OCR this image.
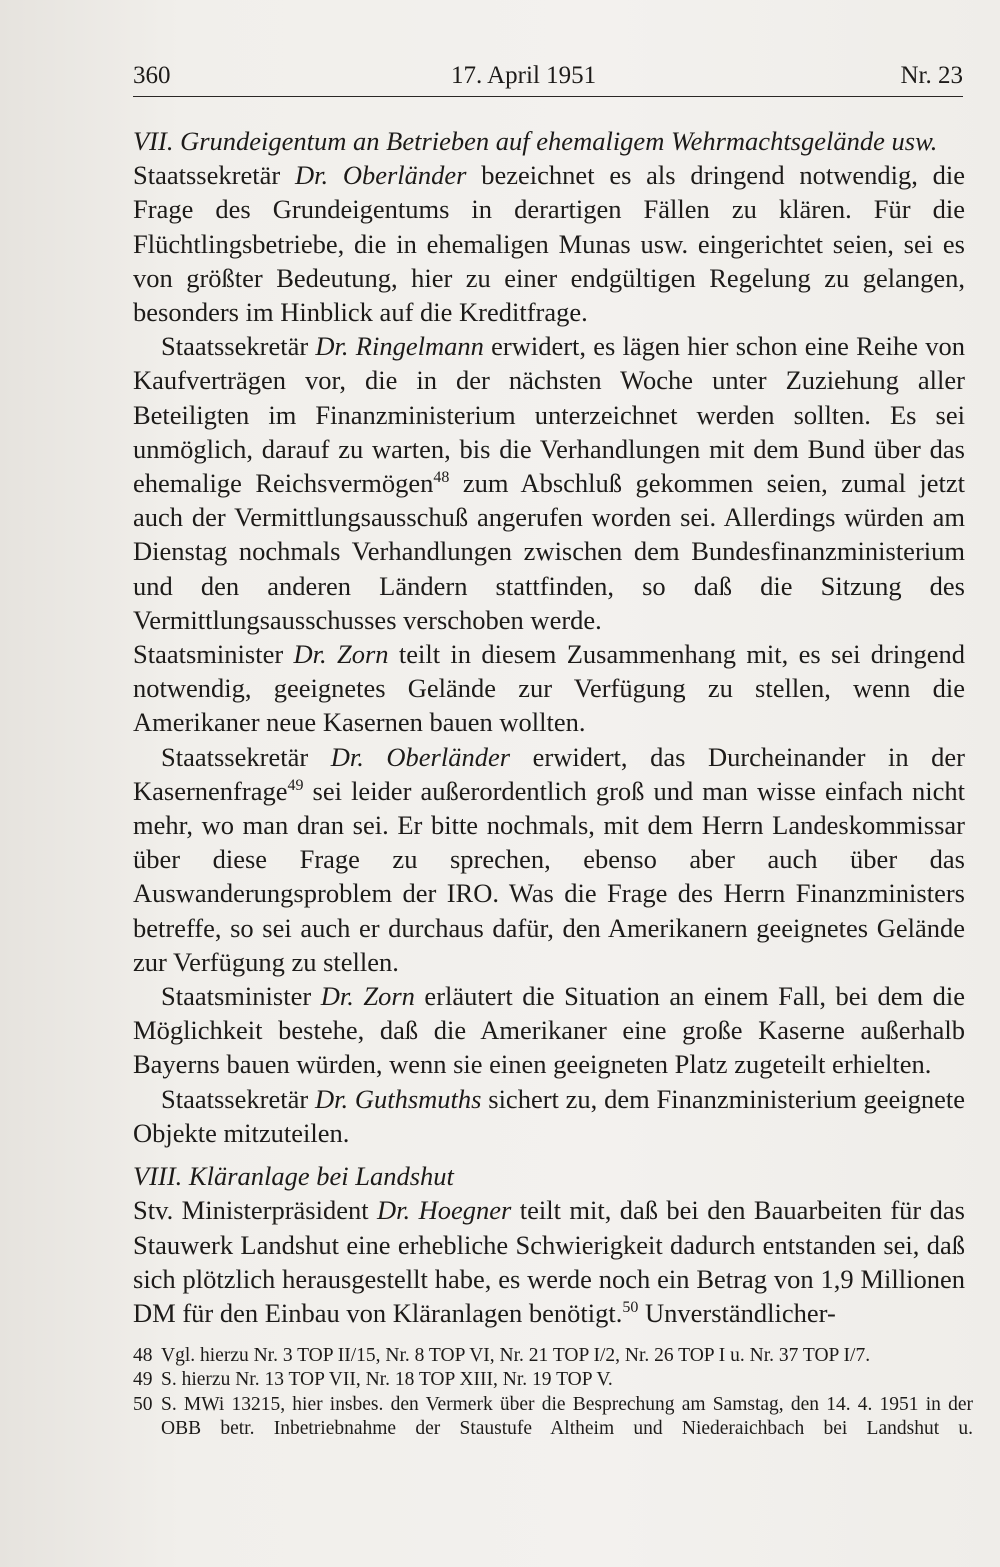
360	17. April 1951	Nr. 23

VII. Grundeigentum an Betrieben auf ehemaligem Wehrmachtsgelände usw.

Staatssekretär Dr. Oberländer bezeichnet es als dringend notwendig, die Frage des Grundeigentums in derartigen Fällen zu klären. Für die Flüchtlingsbetriebe, die in ehemaligen Munas usw. eingerichtet seien, sei es von größter Bedeutung, hier zu einer endgültigen Regelung zu gelangen, besonders im Hinblick auf die Kreditfrage.

Staatssekretär Dr. Ringelmann erwidert, es lägen hier schon eine Reihe von Kaufverträgen vor, die in der nächsten Woche unter Zuziehung aller Beteiligten im Finanzministerium unterzeichnet werden sollten. Es sei unmöglich, darauf zu warten, bis die Verhandlungen mit dem Bund über das ehemalige Reichsvermögen$^{48}$ zum Abschluß gekommen seien, zumal jetzt auch der Vermittlungsausschuß angerufen worden sei. Allerdings würden am Dienstag nochmals Verhandlungen zwischen dem Bundesfinanzministerium und den anderen Ländern stattfinden, so daß die Sitzung des Vermittlungsausschusses verschoben werde.

Staatsminister Dr. Zorn teilt in diesem Zusammenhang mit, es sei dringend notwendig, geeignetes Gelände zur Verfügung zu stellen, wenn die Amerikaner neue Kasernen bauen wollten.

Staatssekretär Dr. Oberländer erwidert, das Durcheinander in der Kasernenfrage$^{49}$ sei leider außerordentlich groß und man wisse einfach nicht mehr, wo man dran sei. Er bitte nochmals, mit dem Herrn Landeskommissar über diese Frage zu sprechen, ebenso aber auch über das Auswanderungsproblem der IRO. Was die Frage des Herrn Finanzministers betreffe, so sei auch er durchaus dafür, den Amerikanern geeignetes Gelände zur Verfügung zu stellen.

Staatsminister Dr. Zorn erläutert die Situation an einem Fall, bei dem die Möglichkeit bestehe, daß die Amerikaner eine große Kaserne außerhalb Bayerns bauen würden, wenn sie einen geeigneten Platz zugeteilt erhielten.

Staatssekretär Dr. Guthsmuths sichert zu, dem Finanzministerium geeignete Objekte mitzuteilen.

VIII. Kläranlage bei Landshut

Stv. Ministerpräsident Dr. Hoegner teilt mit, daß bei den Bauarbeiten für das Stauwerk Landshut eine erhebliche Schwierigkeit dadurch entstanden sei, daß sich plötzlich herausgestellt habe, es werde noch ein Betrag von 1,9 Millionen DM für den Einbau von Kläranlagen benötigt.$^{50}$ Unverständlicher-

48 Vgl. hierzu Nr. 3 TOP II/15, Nr. 8 TOP VI, Nr. 21 TOP I/2, Nr. 26 TOP I u. Nr. 37 TOP I/7.

49 S. hierzu Nr. 13 TOP VII, Nr. 18 TOP XIII, Nr. 19 TOP V.

50 S. MWi 13215, hier insbes. den Vermerk über die Besprechung am Samstag, den 14. 4. 1951 in der OBB betr. Inbetriebnahme der Staustufe Altheim und Niederaichbach bei Landshut u.
